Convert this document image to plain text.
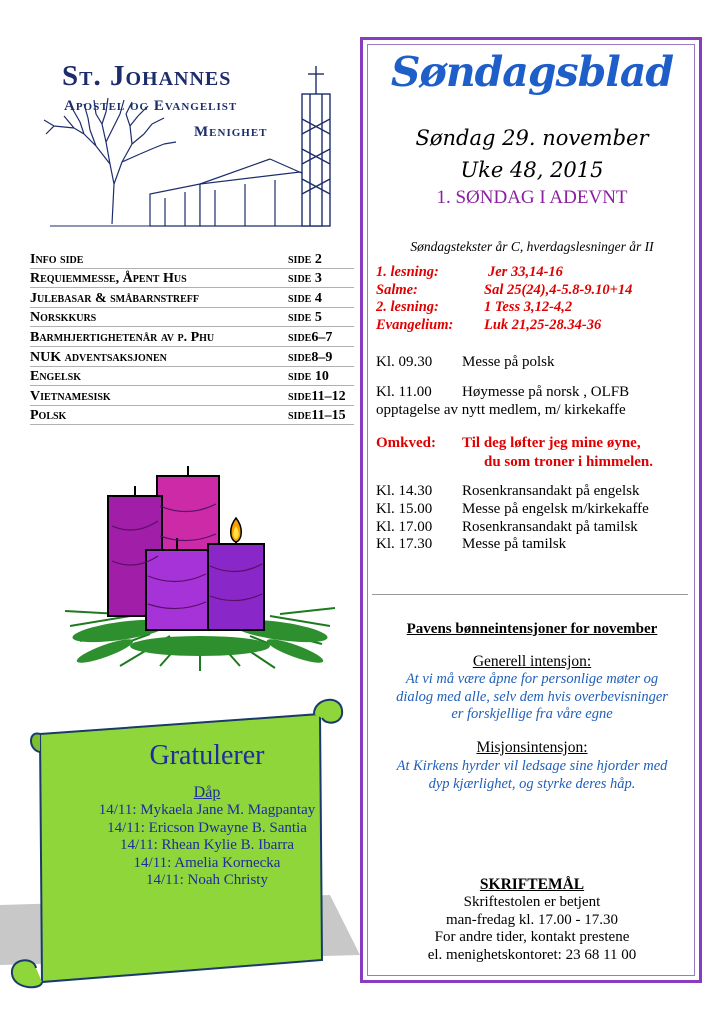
St. Johannes
Apostel og Evangelist
Menighet
Info side	side 2
Requiemmesse, Åpent Hus	side 3
Julebasar & småbarnstreff	side 4
Norskkurs	side 5
Barmhjertighetenår av p. Phu	side6–7
NUK adventsaksjonen	side8–9
Engelsk	side 10
Vietnamesisk	side11–12
Polsk	side11–15
Gratulerer
Dåp
14/11: Mykaela Jane M. Magpantay
14/11: Ericson Dwayne B. Santia
14/11: Rhean Kylie B. Ibarra
14/11: Amelia Kornecka
14/11: Noah Christy
Søndagsblad
Søndag 29. november
Uke 48, 2015
1. SØNDAG I ADEVNT
Søndagstekster år C, hverdagslesninger år II
1. lesning:	Jer 33,14-16
Salme:	Sal 25(24),4-5.8-9.10+14
2. lesning:	1 Tess 3,12-4,2
Evangelium:	Luk 21,25-28.34-36
Kl. 09.30	Messe på polsk
Kl. 11.00	Høymesse på norsk , OLFB
opptagelse av nytt medlem, m/ kirkekaffe
Omkved:	Til deg løfter jeg mine øyne,
du som troner i himmelen.
Kl. 14.30	Rosenkransandakt på engelsk
Kl. 15.00	Messe på engelsk m/kirkekaffe
Kl. 17.00	Rosenkransandakt på tamilsk
Kl. 17.30	Messe på tamilsk
Pavens bønneintensjoner for november
Generell intensjon:
At vi må være åpne for personlige møter og
dialog med alle, selv dem hvis overbevisninger
er forskjellige fra våre egne
Misjonsintensjon:
At Kirkens hyrder vil ledsage sine hjorder med
dyp kjærlighet, og styrke deres håp.
SKRIFTEMÅL
Skriftestolen er betjent
man-fredag kl. 17.00 - 17.30
For andre tider, kontakt prestene
el. menighetskontoret: 23 68 11 00
